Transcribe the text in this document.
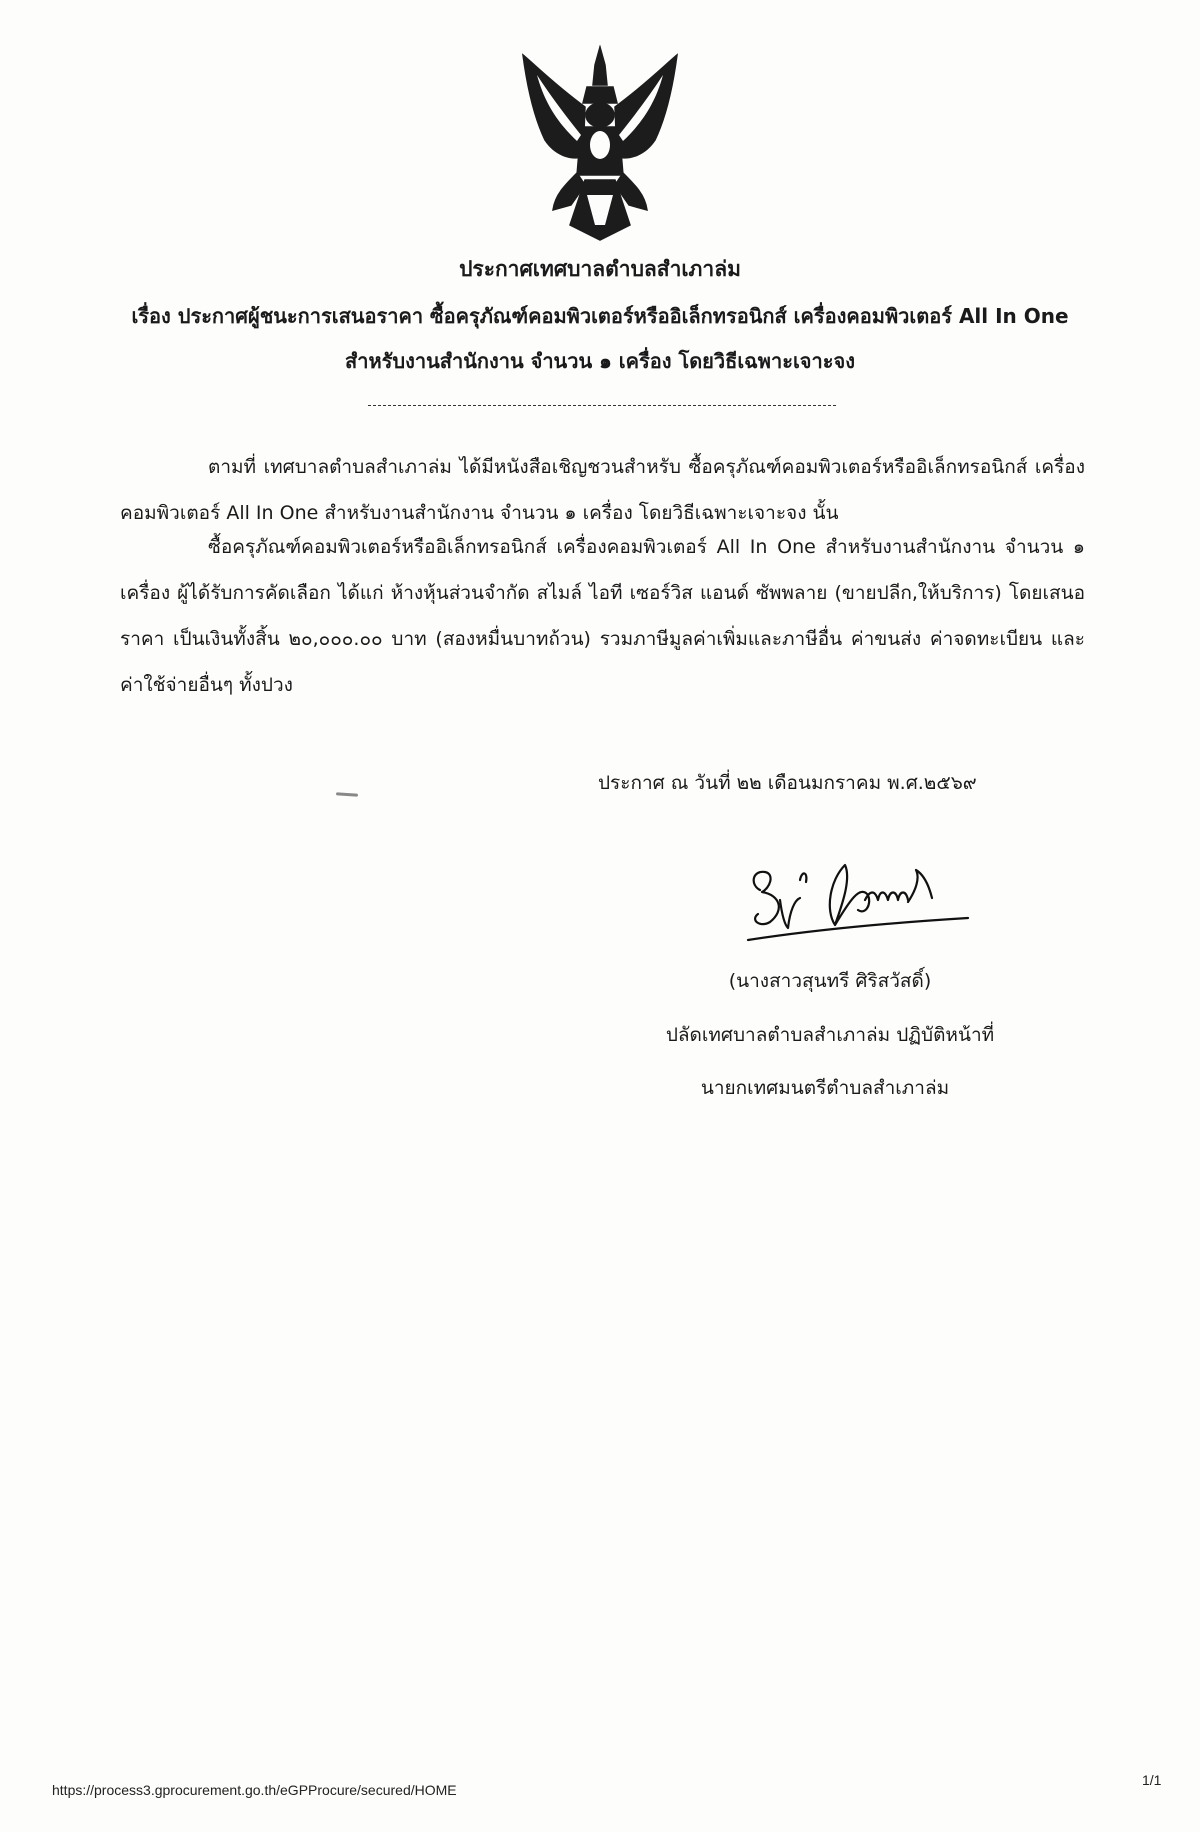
ประกาศเทศบาลตำบลสำเภาล่ม
เรื่อง ประกาศผู้ชนะการเสนอราคา ซื้อครุภัณฑ์คอมพิวเตอร์หรืออิเล็กทรอนิกส์ เครื่องคอมพิวเตอร์ All In One สำหรับงานสำนักงาน จำนวน ๑ เครื่อง โดยวิธีเฉพาะเจาะจง
ตามที่ เทศบาลตำบลสำเภาล่ม ได้มีหนังสือเชิญชวนสำหรับ ซื้อครุภัณฑ์คอมพิวเตอร์หรืออิเล็กทรอนิกส์ เครื่องคอมพิวเตอร์ All In One สำหรับงานสำนักงาน จำนวน ๑ เครื่อง โดยวิธีเฉพาะเจาะจง นั้น
ซื้อครุภัณฑ์คอมพิวเตอร์หรืออิเล็กทรอนิกส์ เครื่องคอมพิวเตอร์ All In One สำหรับงานสำนักงาน จำนวน ๑ เครื่อง ผู้ได้รับการคัดเลือก ได้แก่ ห้างหุ้นส่วนจำกัด สไมล์ ไอที เซอร์วิส แอนด์ ซัพพลาย (ขายปลีก,ให้บริการ) โดยเสนอราคา เป็นเงินทั้งสิ้น ๒๐,๐๐๐.๐๐ บาท (สองหมื่นบาทถ้วน) รวมภาษีมูลค่าเพิ่มและภาษีอื่น ค่าขนส่ง ค่าจดทะเบียน และค่าใช้จ่ายอื่นๆ ทั้งปวง
ประกาศ ณ วันที่ ๒๒ เดือนมกราคม พ.ศ.๒๕๖๙
(นางสาวสุนทรี ศิริสวัสดิ์)
ปลัดเทศบาลตำบลสำเภาล่ม ปฏิบัติหน้าที่
นายกเทศมนตรีตำบลสำเภาล่ม
https://process3.gprocurement.go.th/eGPProcure/secured/HOME
1/1
